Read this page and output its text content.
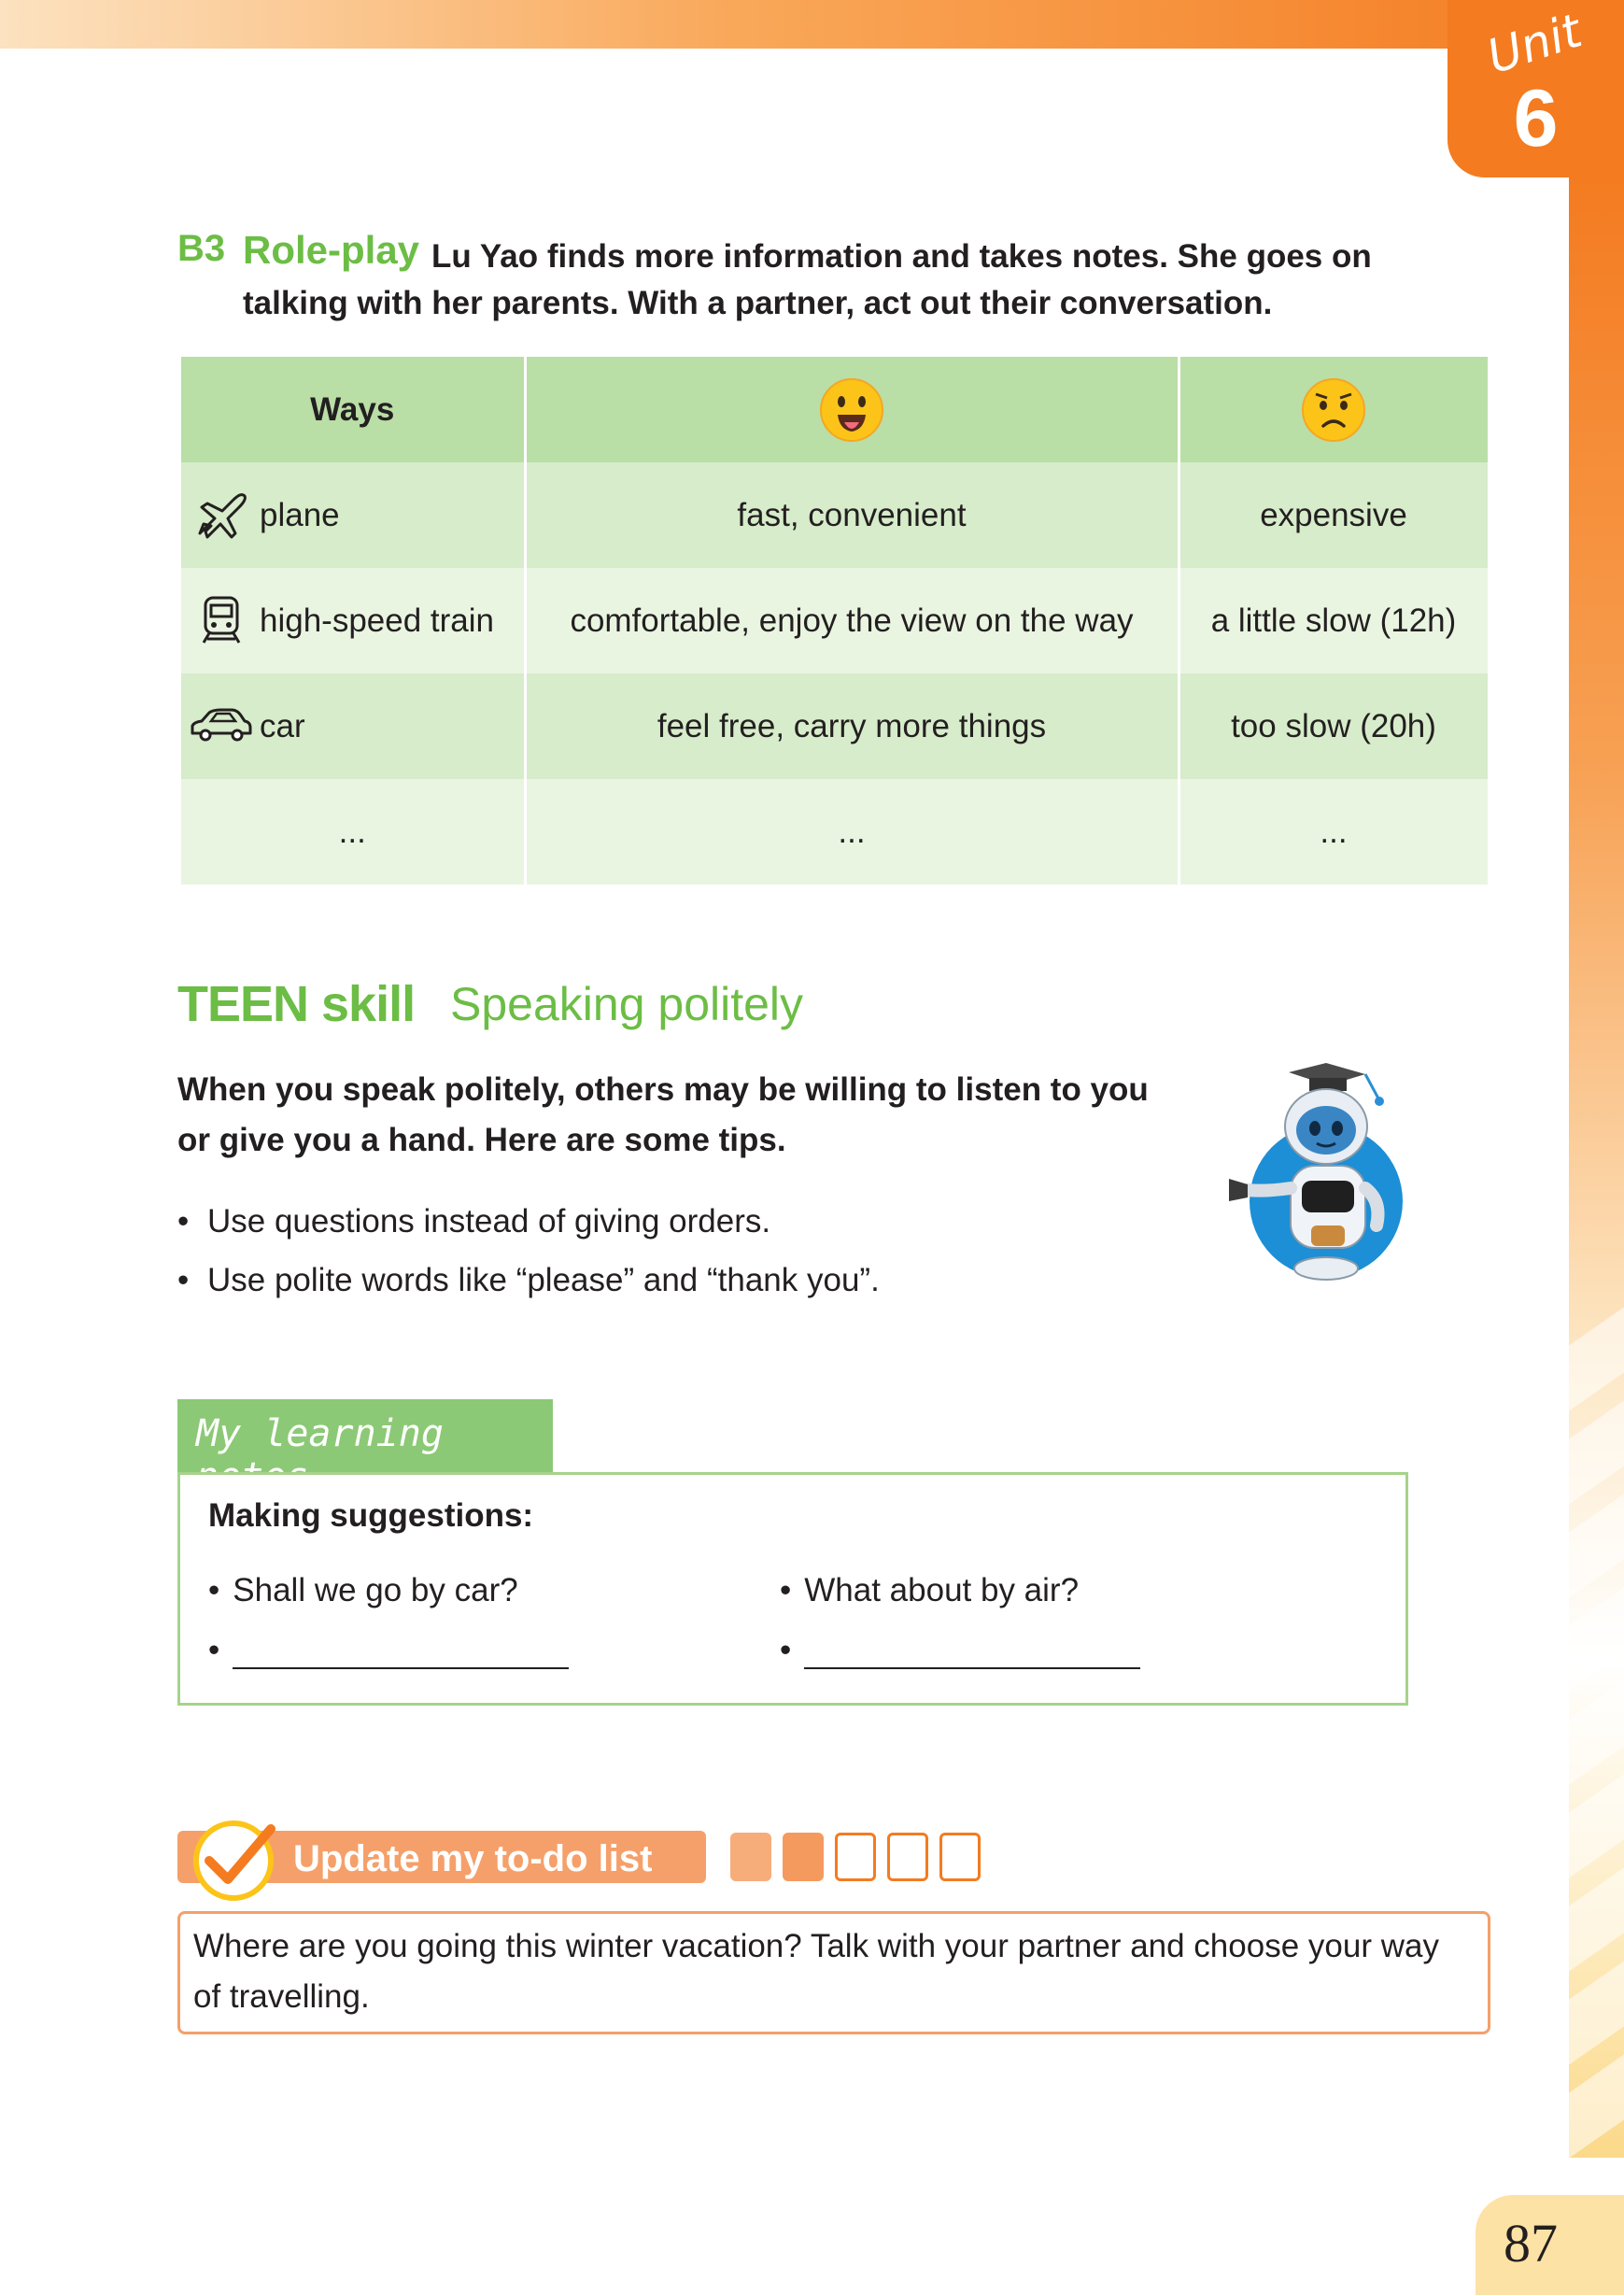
Unit
6
B3 Role-play Lu Yao finds more information and takes notes. She goes on talking with her parents. With a partner, act out their conversation.
Ways		

plane	fast, convenient	expensive

high-speed train	comfortable, enjoy the view on the way	a little slow (12h)

car	feel free, carry more things	too slow (20h)
...	...	...
TEEN skill Speaking politely
When you speak politely, others may be willing to listen to you or give you a hand. Here are some tips.
• Use questions instead of giving orders.
• Use polite words like “please” and “thank you”.
My learning notes
Making suggestions:
• Shall we go by car?	• What about by air?
•	•
Update my to-do list
Where are you going this winter vacation? Talk with your partner and choose your way of travelling.
87
